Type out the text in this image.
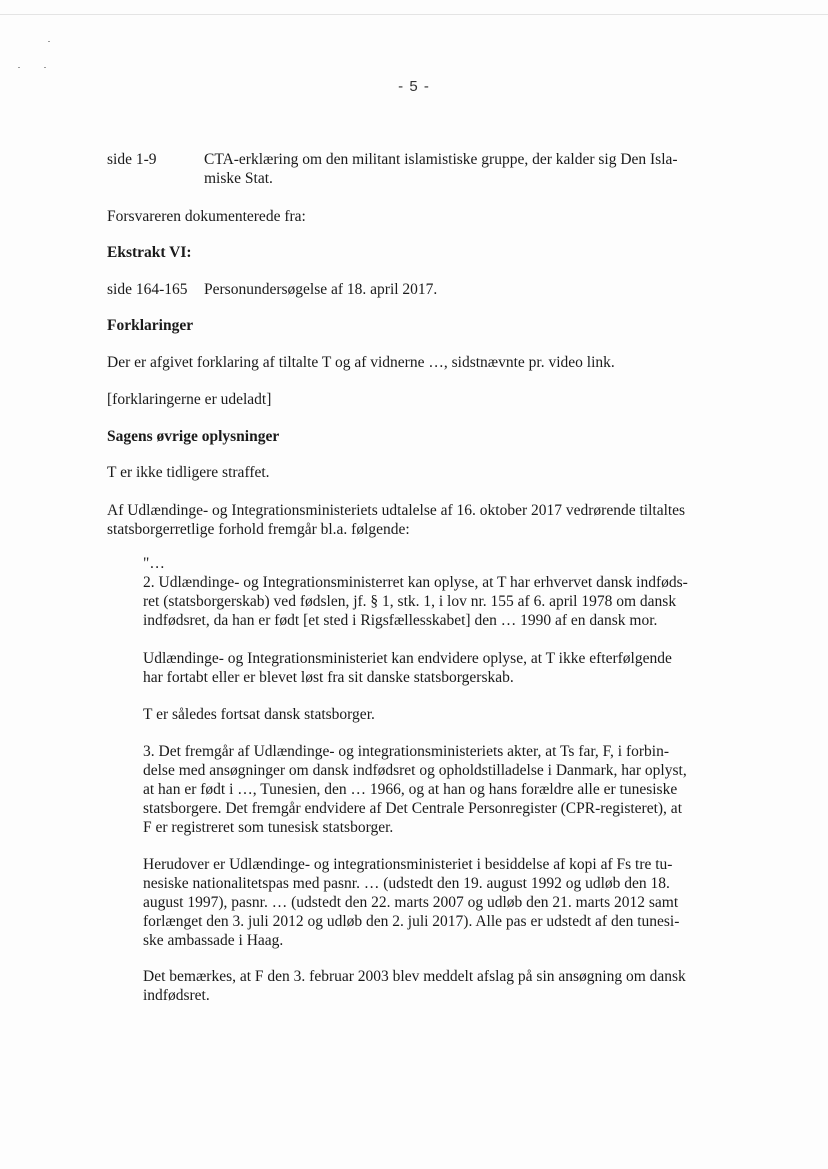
- 5 -

side 1-9	CTA-erklæring om den militant islamistiske gruppe, der kalder sig Den Isla-

miske Stat.

Forsvareren dokumenterede fra:

Ekstrakt VI:

side 164-165 Personundersøgelse af 18. april 2017.

Forklaringer

Der er afgivet forklaring af tiltalte T og af vidnerne …, sidstnævnte pr. video link.

[forklaringerne er udeladt]

Sagens øvrige oplysninger

T er ikke tidligere straffet.

Af Udlændinge- og Integrationsministeriets udtalelse af 16. oktober 2017 vedrørende tiltaltes

statsborgerretlige forhold fremgår bl.a. følgende:

"…

2. Udlændinge- og Integrationsministerret kan oplyse, at T har erhvervet dansk indføds-

ret (statsborgerskab) ved fødslen, jf. § 1, stk. 1, i lov nr. 155 af 6. april 1978 om dansk

indfødsret, da han er født [et sted i Rigsfællesskabet] den … 1990 af en dansk mor.

Udlændinge- og Integrationsministeriet kan endvidere oplyse, at T ikke efterfølgende

har fortabt eller er blevet løst fra sit danske statsborgerskab.

T er således fortsat dansk statsborger.

3. Det fremgår af Udlændinge- og integrationsministeriets akter, at Ts far, F, i forbin-

delse med ansøgninger om dansk indfødsret og opholdstilladelse i Danmark, har oplyst,

at han er født i …, Tunesien, den … 1966, og at han og hans forældre alle er tunesiske

statsborgere. Det fremgår endvidere af Det Centrale Personregister (CPR-registeret), at

F er registreret som tunesisk statsborger.

Herudover er Udlændinge- og integrationsministeriet i besiddelse af kopi af Fs tre tu-

nesiske nationalitetspas med pasnr. … (udstedt den 19. august 1992 og udløb den 18.

august 1997), pasnr. … (udstedt den 22. marts 2007 og udløb den 21. marts 2012 samt

forlænget den 3. juli 2012 og udløb den 2. juli 2017). Alle pas er udstedt af den tunesi-

ske ambassade i Haag.

Det bemærkes, at F den 3. februar 2003 blev meddelt afslag på sin ansøgning om dansk

indfødsret.
